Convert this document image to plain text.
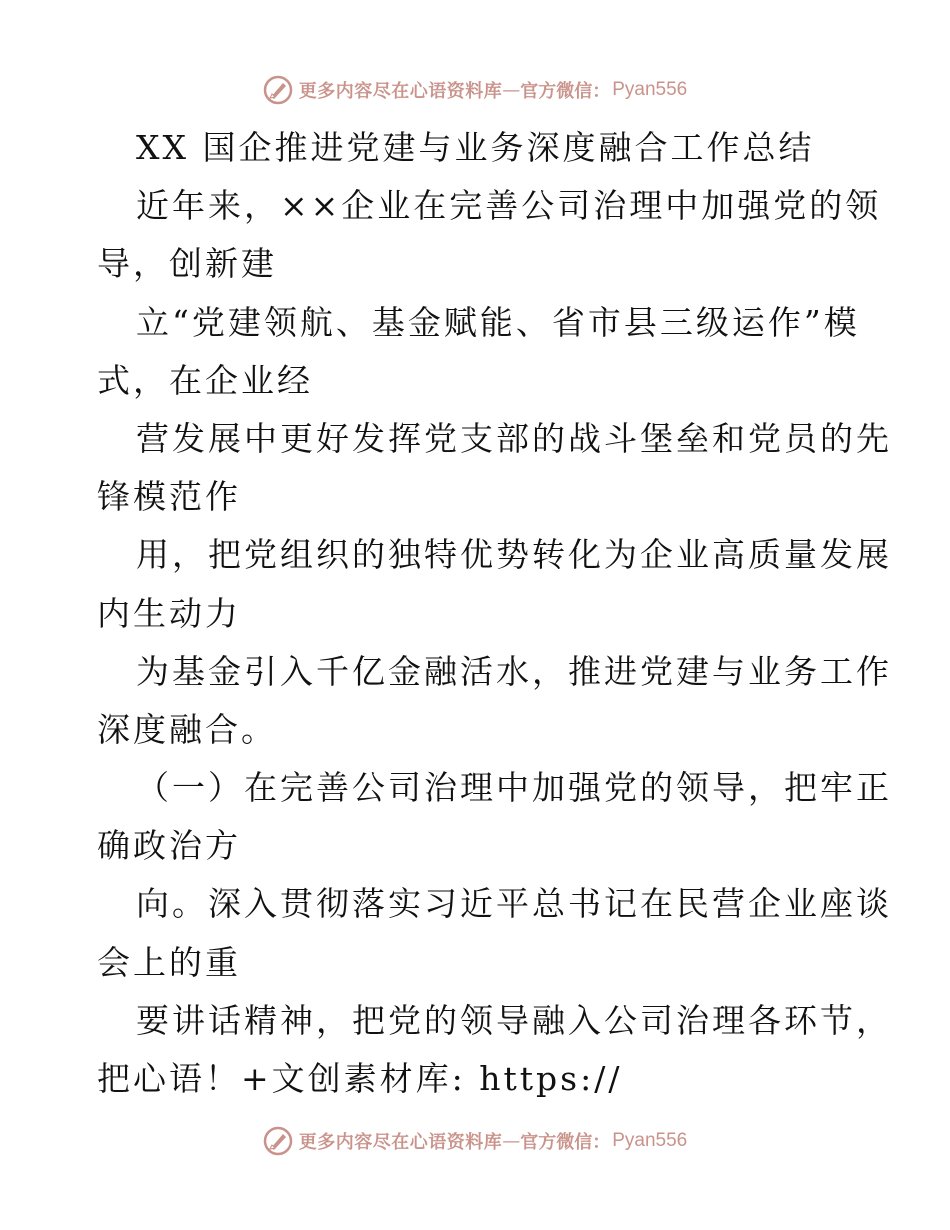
更多内容尽在心语资料库 — 官方微信： Pyan556
XX 国企推进党建与业务深度融合工作总结
近年来，××企业在完善公司治理中加强党的领
导，创新建
立“党建领航、基金赋能、省市县三级运作”模
式，在企业经
营发展中更好发挥党支部的战斗堡垒和党员的先
锋模范作
用，把党组织的独特优势转化为企业高质量发展
内生动力
为基金引入千亿金融活水，推进党建与业务工作
深度融合。
（一）在完善公司治理中加强党的领导，把牢正
确政治方
向。深入贯彻落实习近平总书记在民营企业座谈
会上的重
要讲话精神，把党的领导融入公司治理各环节，
把心语！+文创素材库: https://
更多内容尽在心语资料库 — 官方微信： Pyan556
